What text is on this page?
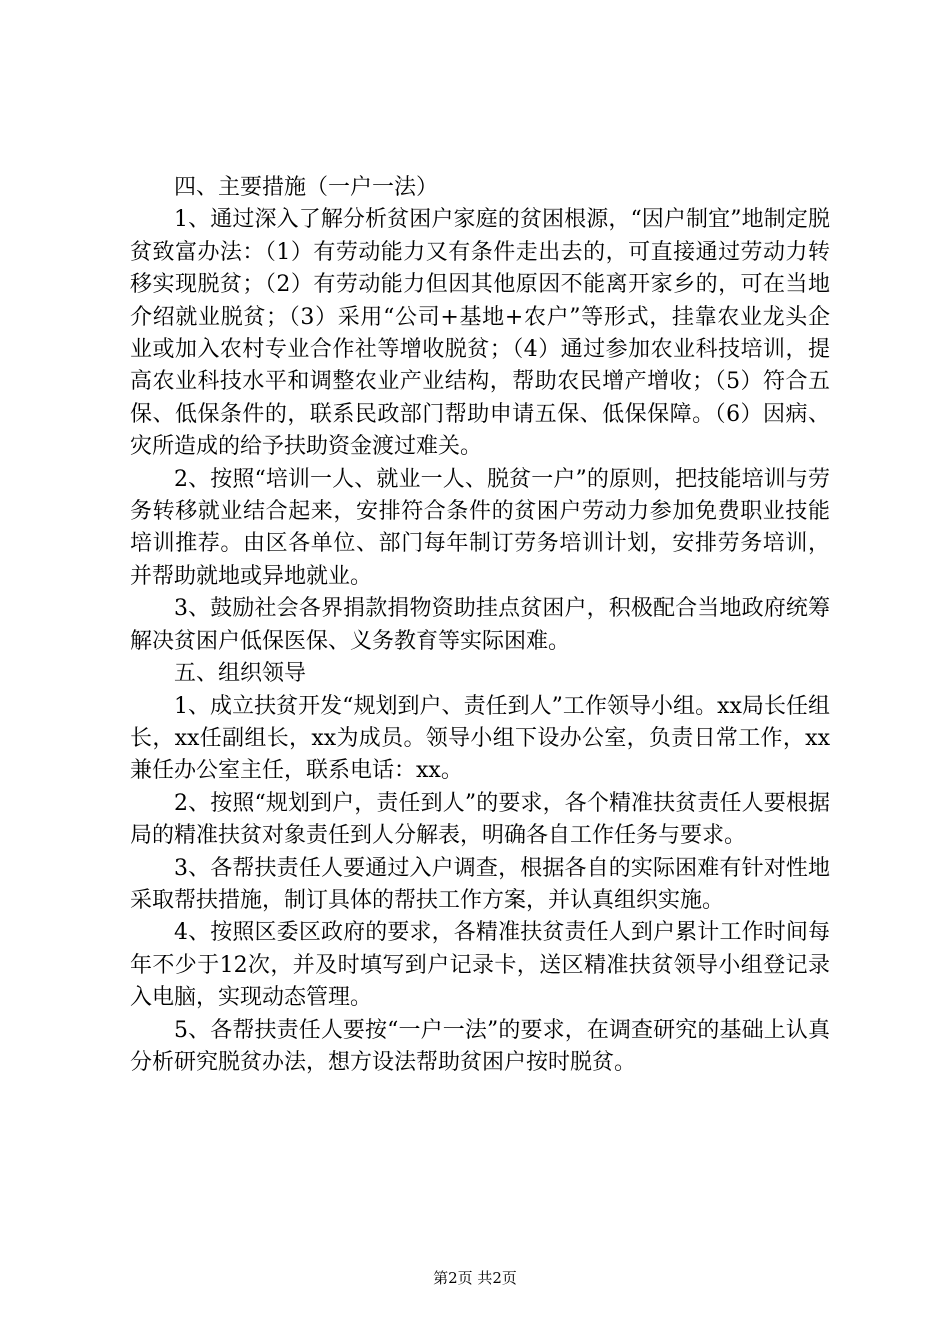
四、主要措施（一户一法）

1、通过深入了解分析贫困户家庭的贫困根源，“因户制宜”地制定脱贫致富办法：（1）有劳动能力又有条件走出去的，可直接通过劳动力转移实现脱贫；（2）有劳动能力但因其他原因不能离开家乡的，可在当地介绍就业脱贫；（3）采用“公司+基地+农户”等形式，挂靠农业龙头企业或加入农村专业合作社等增收脱贫；（4）通过参加农业科技培训，提高农业科技水平和调整农业产业结构，帮助农民增产增收；（5）符合五保、低保条件的，联系民政部门帮助申请五保、低保保障。（6）因病、灾所造成的给予扶助资金渡过难关。

2、按照“培训一人、就业一人、脱贫一户”的原则，把技能培训与劳务转移就业结合起来，安排符合条件的贫困户劳动力参加免费职业技能培训推荐。由区各单位、部门每年制订劳务培训计划，安排劳务培训，并帮助就地或异地就业。

3、鼓励社会各界捐款捐物资助挂点贫困户，积极配合当地政府统筹解决贫困户低保医保、义务教育等实际困难。

五、组织领导

1、成立扶贫开发“规划到户、责任到人”工作领导小组。xx局长任组长，xx任副组长，xx为成员。领导小组下设办公室，负责日常工作，xx兼任办公室主任，联系电话：xx。

2、按照“规划到户，责任到人”的要求，各个精准扶贫责任人要根据局的精准扶贫对象责任到人分解表，明确各自工作任务与要求。

3、各帮扶责任人要通过入户调查，根据各自的实际困难有针对性地采取帮扶措施，制订具体的帮扶工作方案，并认真组织实施。

4、按照区委区政府的要求，各精准扶贫责任人到户累计工作时间每年不少于12次，并及时填写到户记录卡，送区精准扶贫领导小组登记录入电脑，实现动态管理。

5、各帮扶责任人要按“一户一法”的要求，在调查研究的基础上认真分析研究脱贫办法，想方设法帮助贫困户按时脱贫。

第2页 共2页
